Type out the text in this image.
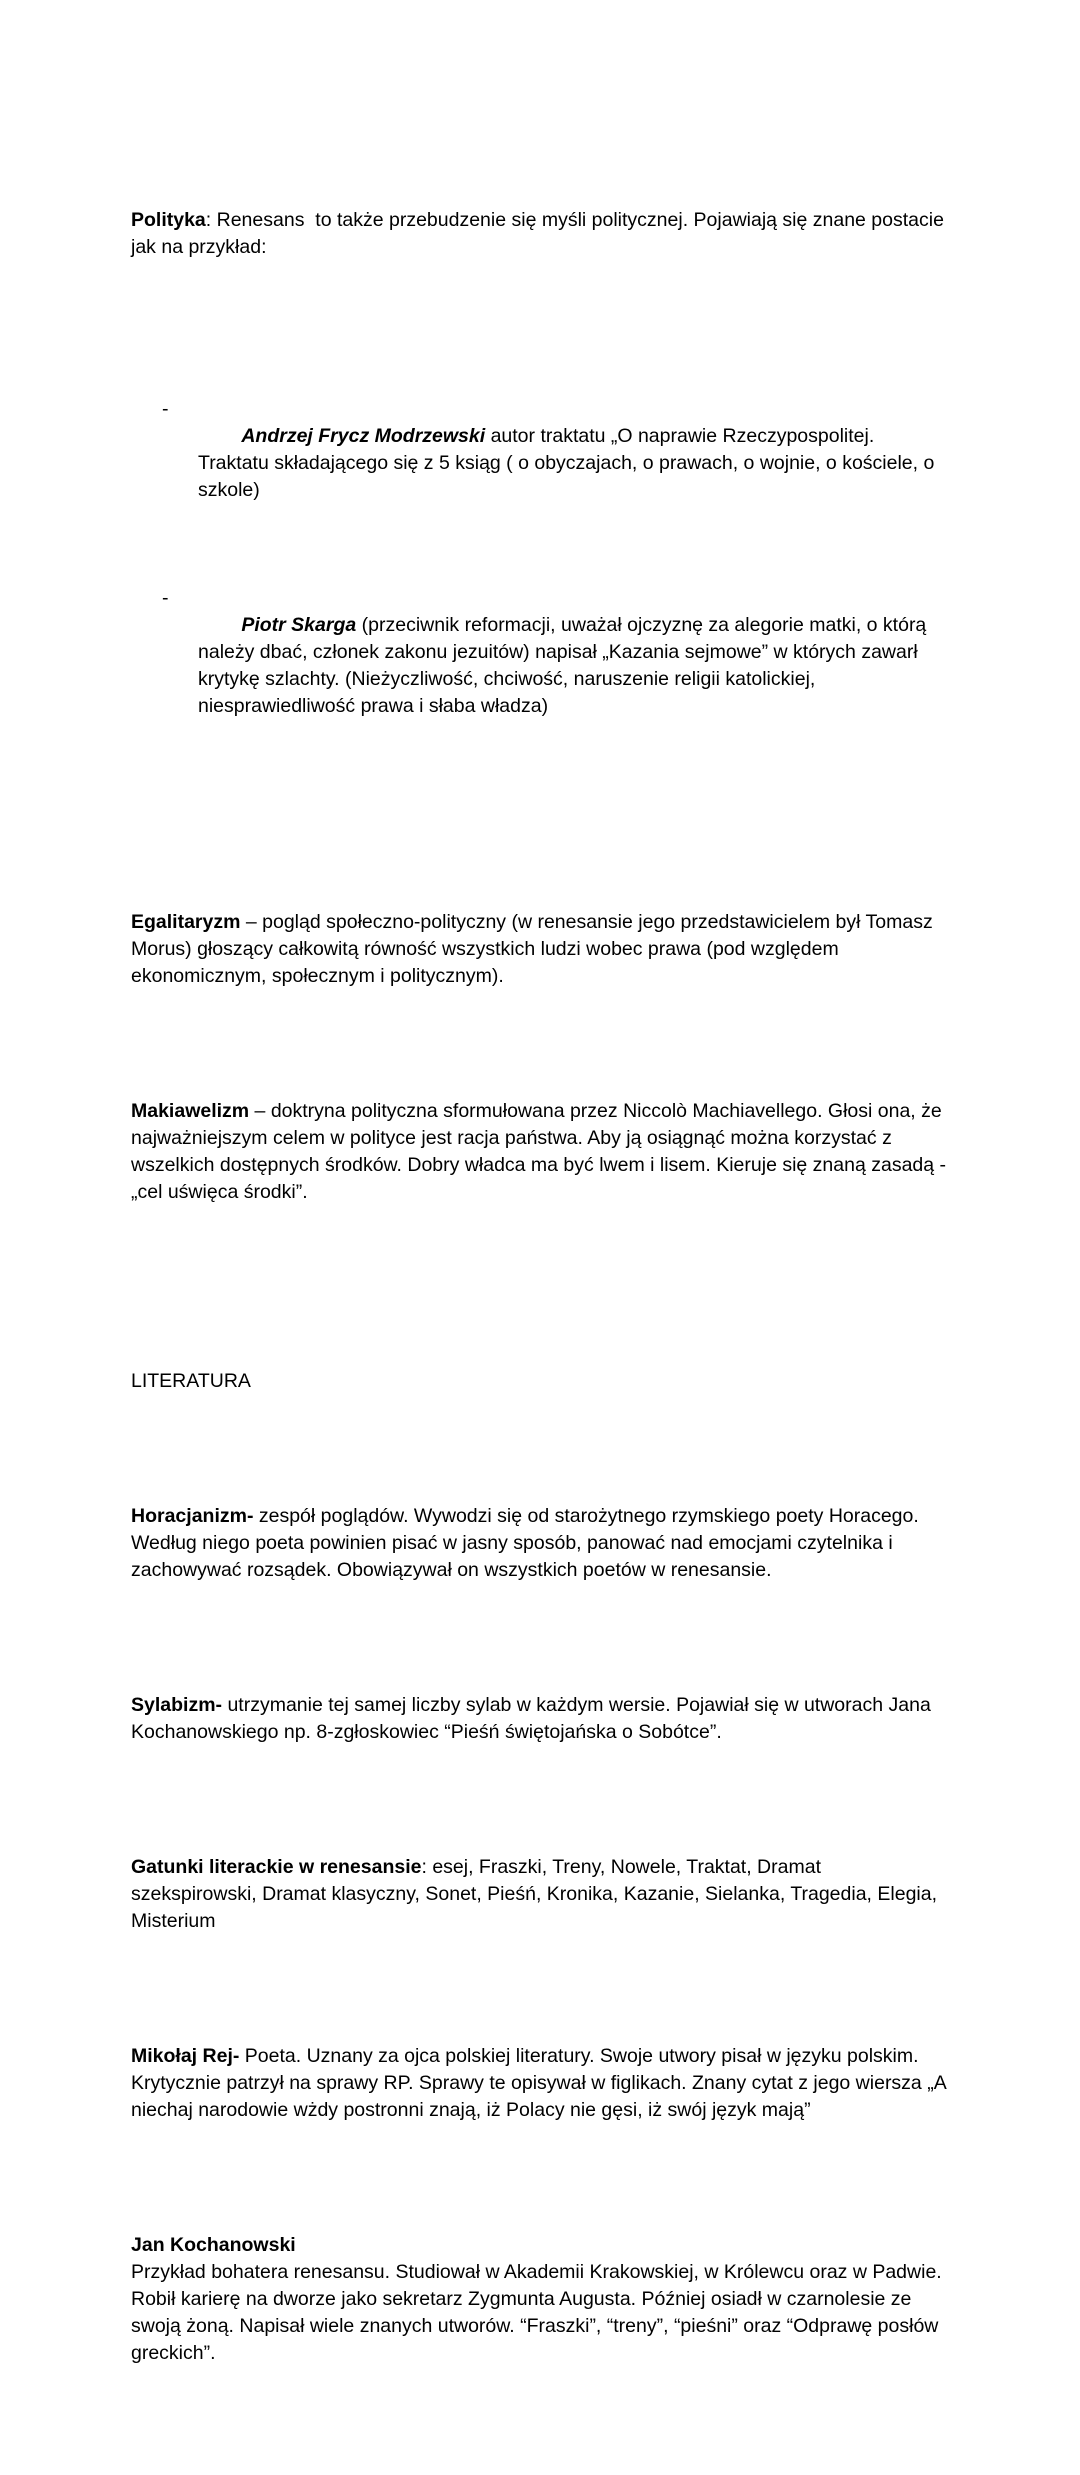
Polityka: Renesans  to także przebudzenie się myśli politycznej. Pojawiają się znane postacie jak na przykład:

-
Andrzej Frycz Modrzewski autor traktatu „O naprawie Rzeczypospolitej. Traktatu składającego się z 5 ksiąg ( o obyczajach, o prawach, o wojnie, o kościele, o szkole)

-
Piotr Skarga (przeciwnik reformacji, uważał ojczyznę za alegorie matki, o którą należy dbać, członek zakonu jezuitów) napisał „Kazania sejmowe” w których zawarł krytykę szlachty. (Nieżyczliwość, chciwość, naruszenie religii katolickiej, niesprawiedliwość prawa i słaba władza)

Egalitaryzm – pogląd społeczno-polityczny (w renesansie jego przedstawicielem był Tomasz Morus) głoszący całkowitą równość wszystkich ludzi wobec prawa (pod względem ekonomicznym, społecznym i politycznym).

Makiawelizm – doktryna polityczna sformułowana przez Niccolò Machiavellego. Głosi ona, że najważniejszym celem w polityce jest racja państwa. Aby ją osiągnąć można korzystać z wszelkich dostępnych środków. Dobry władca ma być lwem i lisem. Kieruje się znaną zasadą -„cel uświęca środki”.

LITERATURA

Horacjanizm- zespół poglądów. Wywodzi się od starożytnego rzymskiego poety Horacego. Według niego poeta powinien pisać w jasny sposób, panować nad emocjami czytelnika i zachowywać rozsądek. Obowiązywał on wszystkich poetów w renesansie.

Sylabizm- utrzymanie tej samej liczby sylab w każdym wersie. Pojawiał się w utworach Jana Kochanowskiego np. 8-zgłoskowiec “Pieśń świętojańska o Sobótce”.

Gatunki literackie w renesansie: esej, Fraszki, Treny, Nowele, Traktat, Dramat szekspirowski, Dramat klasyczny, Sonet, Pieśń, Kronika, Kazanie, Sielanka, Tragedia, Elegia, Misterium

Mikołaj Rej- Poeta. Uznany za ojca polskiej literatury. Swoje utwory pisał w języku polskim. Krytycznie patrzył na sprawy RP. Sprawy te opisywał w figlikach. Znany cytat z jego wiersza „A niechaj narodowie wżdy postronni znają, iż Polacy nie gęsi, iż swój język mają”

Jan Kochanowski
Przykład bohatera renesansu. Studiował w Akademii Krakowskiej, w Królewcu oraz w Padwie. Robił karierę na dworze jako sekretarz Zygmunta Augusta. Później osiadł w czarnolesie ze swoją żoną. Napisał wiele znanych utworów. “Fraszki”, “treny”, “pieśni” oraz “Odprawę posłów greckich”.
